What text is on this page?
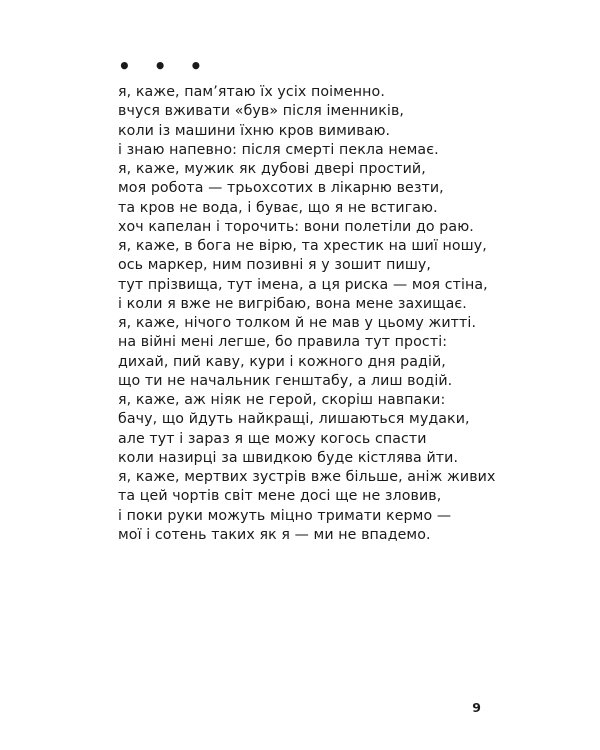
• • •
я, каже, пам’ятаю їх усіх поіменно.
вчуся вживати «був» після іменників,
коли із машини їхню кров вимиваю.
і знаю напевно: після смерті пекла немає.
я, каже, мужик як дубові двері простий,
моя робота — трьохсотих в лікарню везти,
та кров не вода, і буває, що я не встигаю.
хоч капелан і торочить: вони полетіли до раю.
я, каже, в бога не вірю, та хрестик на шиї ношу,
ось маркер, ним позивні я у зошит пишу,
тут прізвища, тут імена, а ця риска — моя стіна,
і коли я вже не вигрібаю, вона мене захищає.
я, каже, нічого толком й не мав у цьому житті.
на війні мені легше, бо правила тут прості:
дихай, пий каву, кури і кожного дня радій,
що ти не начальник генштабу, а лиш водій.
я, каже, аж ніяк не герой, скоріш навпаки:
бачу, що йдуть найкращі, лишаються мудаки,
але тут і зараз я ще можу когось спасти
коли назирці за швидкою буде кістлява йти.
я, каже, мертвих зустрів вже більше, аніж живих
та цей чортів світ мене досі ще не зловив,
і поки руки можуть міцно тримати кермо —
мої і сотень таких як я — ми не впадемо.
9
